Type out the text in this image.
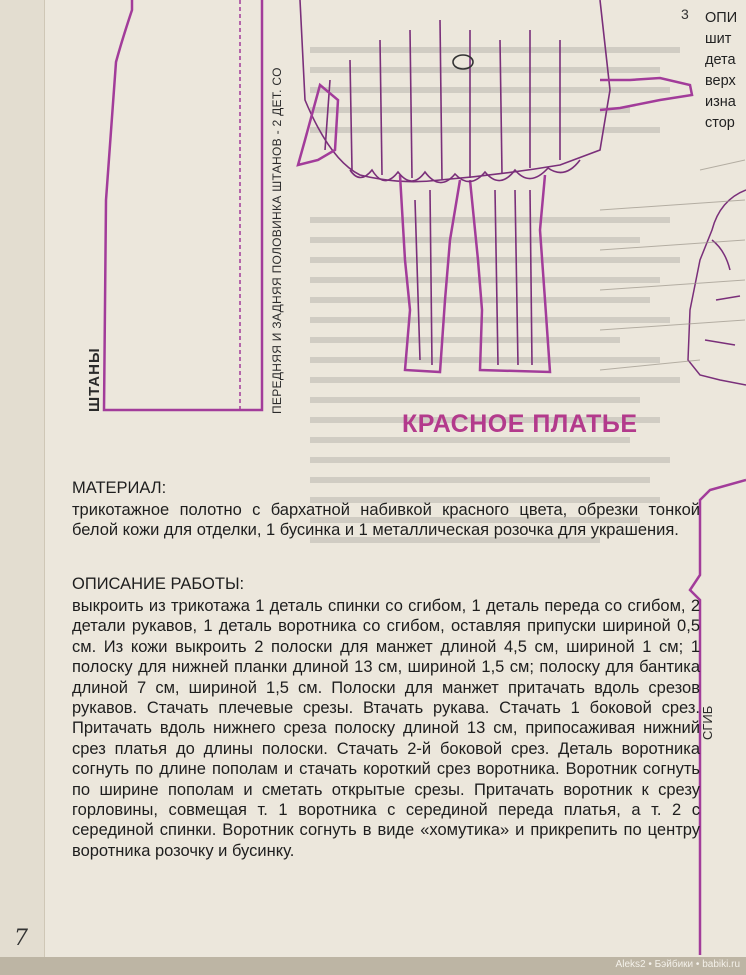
3 ОПИ
шит
дета
верх
изна
стор
ШТАНЫ	ПЕРЕДНЯЯ И ЗАДНЯЯ ПОЛОВИНКА ШТАНОВ - 2 ДЕТ. СО
СГИБ
КРАСНОЕ ПЛАТЬЕ
МАТЕРИАЛ:
трикотажное полотно с бархатной набивкой красного цвета, обрезки тонкой белой кожи для отделки, 1 бусинка и 1 металлическая розочка для украшения.
ОПИСАНИЕ РАБОТЫ:
выкроить из трикотажа 1 деталь спинки со сгибом, 1 деталь переда со сгибом, 2 детали рукавов, 1 деталь воротника со сгибом, оставляя припуски шириной 0,5 см. Из кожи выкроить 2 полоски для манжет длиной 4,5 см, шириной 1 см; 1 полоску для нижней планки длиной 13 см, шириной 1,5 см; полоску для бантика длиной 7 см, шириной 1,5 см. Полоски для манжет притачать вдоль срезов рукавов. Стачать плечевые срезы. Втачать рукава. Стачать 1 боковой срез. Притачать вдоль нижнего среза полоску длиной 13 см, припосаживая нижний срез платья до длины полоски. Стачать 2-й боковой срез. Деталь воротника согнуть по длине пополам и стачать короткий срез воротника. Воротник согнуть по ширине пополам и сметать открытые срезы. Притачать воротник к срезу горловины, совмещая т. 1 воротника с серединой переда платья, а т. 2 с серединой спинки. Воротник согнуть в виде «хомутика» и прикрепить по центру воротника розочку и бусинку.
7
Aleks2 • Бэйбики • babiki.ru
